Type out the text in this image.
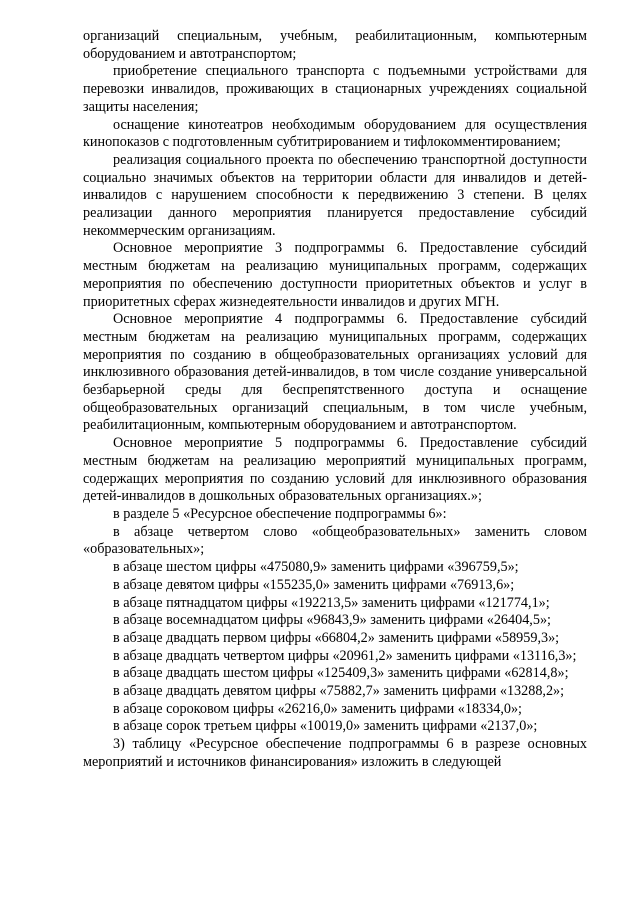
организаций специальным, учебным, реабилитационным, компьютерным оборудованием и автотранспортом;

приобретение специального транспорта с подъемными устройствами для перевозки инвалидов, проживающих в стационарных учреждениях социальной защиты населения;

оснащение кинотеатров необходимым оборудованием для осуществления кинопоказов с подготовленным субтитрированием и тифлокомментированием;

реализация социального проекта по обеспечению транспортной доступности социально значимых объектов на территории области для инвалидов и детей-инвалидов с нарушением способности к передвижению 3 степени. В целях реализации данного мероприятия планируется предоставление субсидий некоммерческим организациям.

Основное мероприятие 3 подпрограммы 6. Предоставление субсидий местным бюджетам на реализацию муниципальных программ, содержащих мероприятия по обеспечению доступности приоритетных объектов и услуг в приоритетных сферах жизнедеятельности инвалидов и других МГН.

Основное мероприятие 4 подпрограммы 6. Предоставление субсидий местным бюджетам на реализацию муниципальных программ, содержащих мероприятия по созданию в общеобразовательных организациях условий для инклюзивного образования детей-инвалидов, в том числе создание универсальной безбарьерной среды для беспрепятственного доступа и оснащение общеобразовательных организаций специальным, в том числе учебным, реабилитационным, компьютерным оборудованием и автотранспортом.

Основное мероприятие 5 подпрограммы 6. Предоставление субсидий местным бюджетам на реализацию мероприятий муниципальных программ, содержащих мероприятия по созданию условий для инклюзивного образования детей-инвалидов в дошкольных образовательных организациях.»;

в разделе 5 «Ресурсное обеспечение подпрограммы 6»:

в абзаце четвертом слово «общеобразовательных» заменить словом «образовательных»;

в абзаце шестом цифры «475080,9» заменить цифрами «396759,5»;

в абзаце девятом цифры «155235,0» заменить цифрами «76913,6»;

в абзаце пятнадцатом цифры «192213,5» заменить цифрами «121774,1»;

в абзаце восемнадцатом цифры «96843,9» заменить цифрами «26404,5»;

в абзаце двадцать первом цифры «66804,2» заменить цифрами «58959,3»;

в абзаце двадцать четвертом цифры «20961,2» заменить цифрами «13116,3»;

в абзаце двадцать шестом цифры «125409,3» заменить цифрами «62814,8»;

в абзаце двадцать девятом цифры «75882,7» заменить цифрами «13288,2»;

в абзаце сороковом цифры «26216,0» заменить цифрами «18334,0»;

в абзаце сорок третьем цифры «10019,0» заменить цифрами «2137,0»;

3) таблицу «Ресурсное обеспечение подпрограммы 6 в разрезе основных мероприятий и источников финансирования» изложить в следующей
